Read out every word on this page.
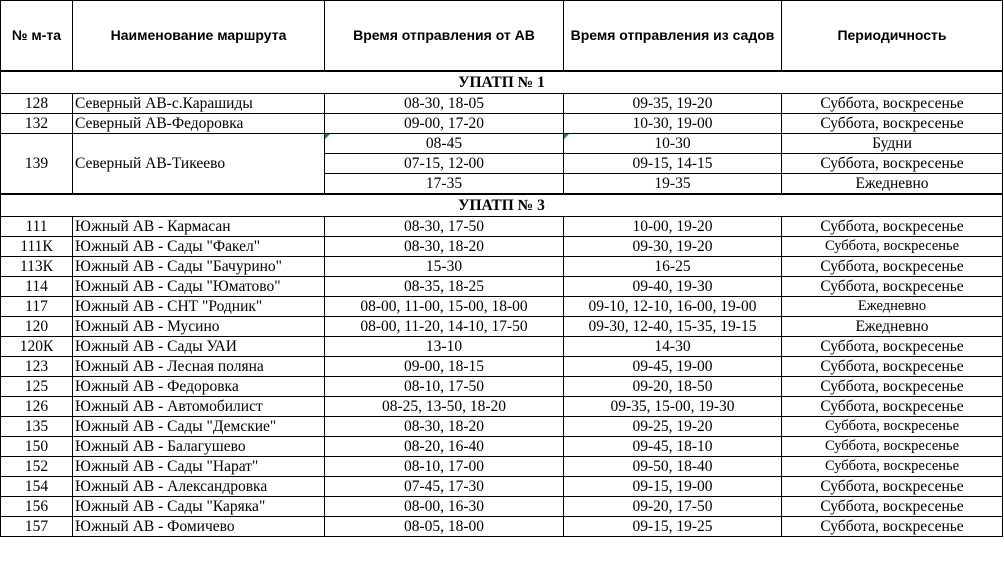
№ м-та	Наименование маршрута	Время отправления от АВ	Время отправления из садов	Периодичность
УПАТП № 1				
128	Северный АВ-с.Карашиды	08-30, 18-05	09-35, 19-20	Суббота, воскресенье
132	Северный АВ-Федоровка	09-00, 17-20	10-30, 19-00	Суббота, воскресенье
139	Северный АВ-Тикеево	08-45	10-30	Будни
		07-15, 12-00	09-15, 14-15	Суббота, воскресенье
		17-35	19-35	Ежедневно
УПАТП № 3				
111	Южный АВ - Кармасан	08-30, 17-50	10-00, 19-20	Суббота, воскресенье
111К	Южный АВ - Сады "Факел"	08-30, 18-20	09-30, 19-20	Суббота, воскресенье
113К	Южный АВ - Сады "Бачурино"	15-30	16-25	Суббота, воскресенье
114	Южный АВ - Сады "Юматово"	08-35, 18-25	09-40, 19-30	Суббота, воскресенье
117	Южный АВ - СНТ "Родник"	08-00, 11-00, 15-00, 18-00	09-10, 12-10, 16-00, 19-00	Ежедневно
120	Южный АВ - Мусино	08-00, 11-20, 14-10, 17-50	09-30, 12-40, 15-35, 19-15	Ежедневно
120К	Южный АВ - Сады УАИ	13-10	14-30	Суббота, воскресенье
123	Южный АВ - Лесная поляна	09-00, 18-15	09-45, 19-00	Суббота, воскресенье
125	Южный АВ - Федоровка	08-10, 17-50	09-20, 18-50	Суббота, воскресенье
126	Южный АВ - Автомобилист	08-25, 13-50, 18-20	09-35, 15-00, 19-30	Суббота, воскресенье
135	Южный АВ - Сады "Демские"	08-30, 18-20	09-25, 19-20	Суббота, воскресенье
150	Южный АВ - Балагушево	08-20, 16-40	09-45, 18-10	Суббота, воскресенье
152	Южный АВ - Сады "Нарат"	08-10, 17-00	09-50, 18-40	Суббота, воскресенье
154	Южный АВ - Александровка	07-45, 17-30	09-15, 19-00	Суббота, воскресенье
156	Южный АВ - Сады "Каряка"	08-00, 16-30	09-20, 17-50	Суббота, воскресенье
157	Южный АВ - Фомичево	08-05, 18-00	09-15, 19-25	Суббота, воскресенье
